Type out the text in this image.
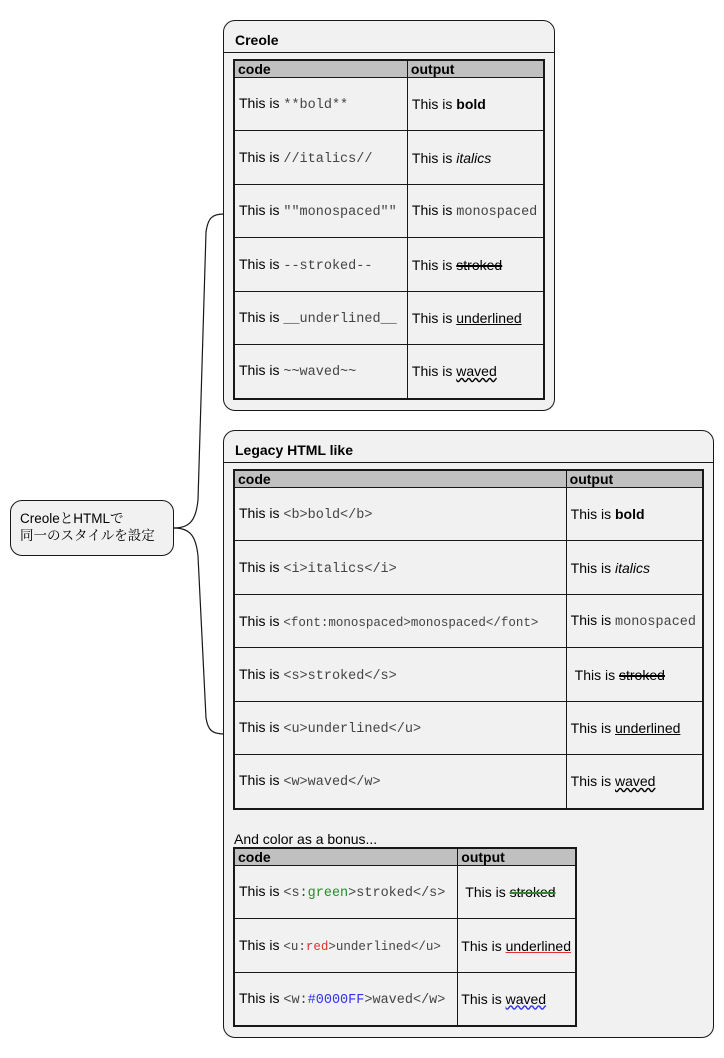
CreoleとHTMLで
同一のスタイルを設定
Creole
code	output
This is **bold**	This is bold
This is //italics//	This is italics
This is ""monospaced""	This is monospaced
This is --stroked--	This is stroked
This is __underlined__	This is underlined
This is ~~waved~~	This is waved
Legacy HTML like
code	output
This is <b>bold</b>	This is bold
This is <i>italics</i>	This is italics
This is <font:monospaced>monospaced</font>	This is monospaced
This is <s>stroked</s>	This is stroked
This is <u>underlined</u>	This is underlined
This is <w>waved</w>	This is waved
And color as a bonus...
code	output
This is <s:green>stroked</s>	This is stroked
This is <u:red>underlined</u>	This is underlined
This is <w:#0000FF>waved</w>	This is waved
